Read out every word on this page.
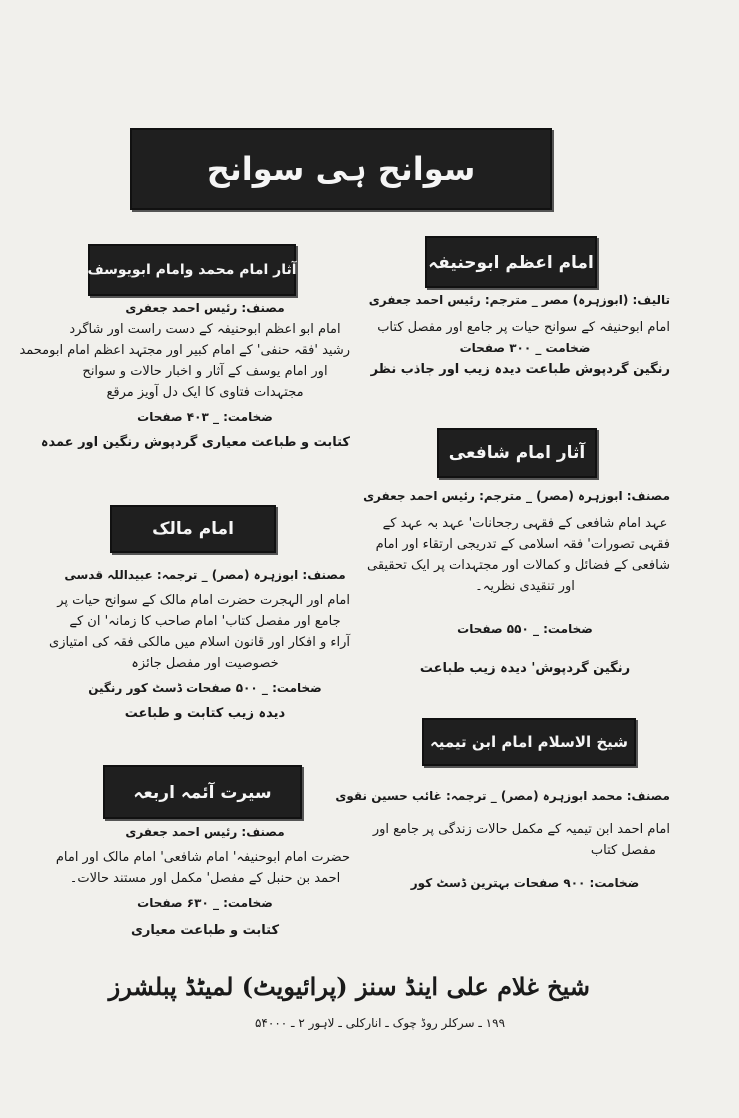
سوانح ہی سوانح
امام اعظم ابوحنیفہ
تالیف: (ابوزہرہ) مصر _ مترجم: رئیس احمد جعفری
امام ابوحنیفہ کے سوانح حیات پر جامع اور مفصل کتاب
ضخامت _ ۳۰۰ صفحات
رنگین گردپوش طباعت دیدہ زیب اور جاذب نظر
آثار امام محمد وامام ابویوسف
مصنف: رئیس احمد جعفری
امام ابو اعظم ابوحنیفہ کے دست راست اور شاگرد
رشید 'فقہ حنفی' کے امام کبیر اور مجتہد اعظم امام ابومحمد
اور امام یوسف کے آثار و اخبار حالات و سوانح
مجتہدات فتاوی کا ایک دل آویز مرقع
ضخامت: _ ۴۰۳ صفحات
کتابت و طباعت معیاری گردپوش رنگین اور عمدہ
آثار امام شافعی
مصنف: ابوزہرہ (مصر) _ مترجم: رئیس احمد جعفری
عہد امام شافعی کے فقہی رجحانات' عہد بہ عہد کے
فقہی تصورات' فقہ اسلامی کے تدریجی ارتقاء اور امام
شافعی کے فضائل و کمالات اور مجتہدات پر ایک تحقیقی
اور تنقیدی نظریہ۔
ضخامت: _ ۵۵۰ صفحات
رنگین گردپوش' دیدہ زیب طباعت
امام مالک
مصنف: ابوزہرہ (مصر) _ ترجمہ: عبیداللہ قدسی
امام اور الہجرت حضرت امام مالک کے سوانح حیات پر
جامع اور مفصل کتاب' امام صاحب کا زمانہ' ان کے
آراء و افکار اور قانون اسلام میں مالکی فقہ کی امتیازی
خصوصیت اور مفصل جائزہ
ضخامت: _ ۵۰۰ صفحات ڈسٹ کور رنگین
دیدہ زیب کتابت و طباعت
شیخ الاسلام امام ابن تیمیہ
مصنف: محمد ابوزہرہ (مصر) _ ترجمہ: غائب حسین نقوی
امام احمد ابن تیمیہ کے مکمل حالات زندگی پر جامع اور
مفصل کتاب
ضخامت: ۹۰۰ صفحات بہترین ڈسٹ کور
سیرت آئمہ اربعہ
مصنف: رئیس احمد جعفری
حضرت امام ابوحنیفہ' امام شافعی' امام مالک اور امام
احمد بن حنبل کے مفصل' مکمل اور مستند حالات۔
ضخامت: _ ۶۳۰ صفحات
کتابت و طباعت معیاری
شیخ غلام علی اینڈ سنز (پرائیویٹ) لمیٹڈ پبلشرز
۱۹۹ ـ سرکلر روڈ چوک ـ انارکلی ـ لاہور ۲ ـ ۵۴۰۰۰
